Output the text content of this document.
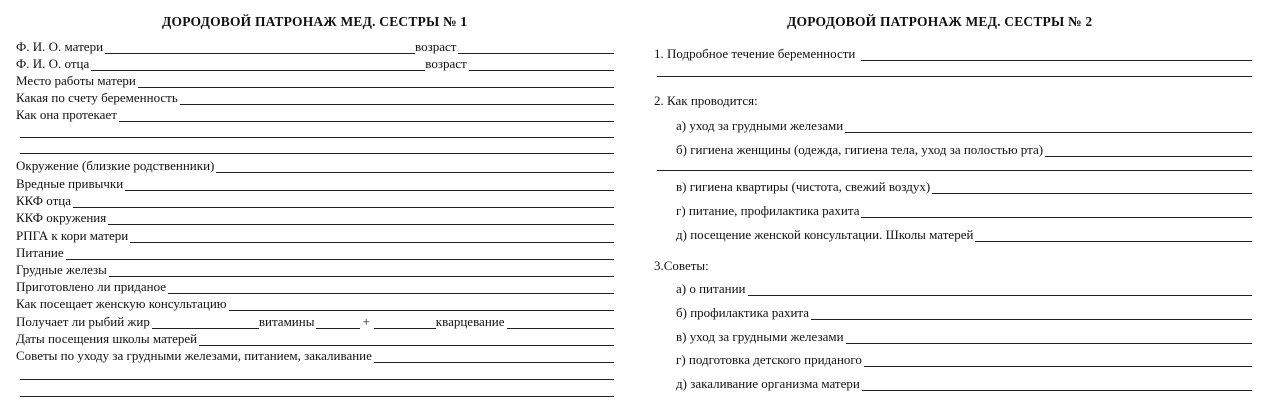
ДОРОДОВОЙ ПАТРОНАЖ МЕД. СЕСТРЫ № 1
Ф. И. О. матери	возраст
Ф. И. О. отца	возраст
Место работы матери
Какая по счету беременность
Как она протекает
Окружение (близкие родственники)
Вредные привычки
ККФ отца
ККФ окружения
РПГА к кори матери
Питание
Грудные железы
Приготовлено ли приданое
Как посещает женскую консультацию
Получает ли рыбий жир	витамины	+	кварцевание
Даты посещения школы матерей
Советы по уходу за грудными железами, питанием, закаливание
ДОРОДОВОЙ ПАТРОНАЖ МЕД. СЕСТРЫ № 2
1. Подробное течение беременности
2. Как проводится:
а) уход за грудными железами
б) гигиена женщины (одежда, гигиена тела, уход за полостью рта)
в) гигиена квартиры (чистота, свежий воздух)
г) питание, профилактика рахита
д) посещение женской консультации. Школы матерей
3.Советы:
а) о питании
б) профилактика рахита
в) уход за грудными железами
г) подготовка детского приданого
д) закаливание организма матери
